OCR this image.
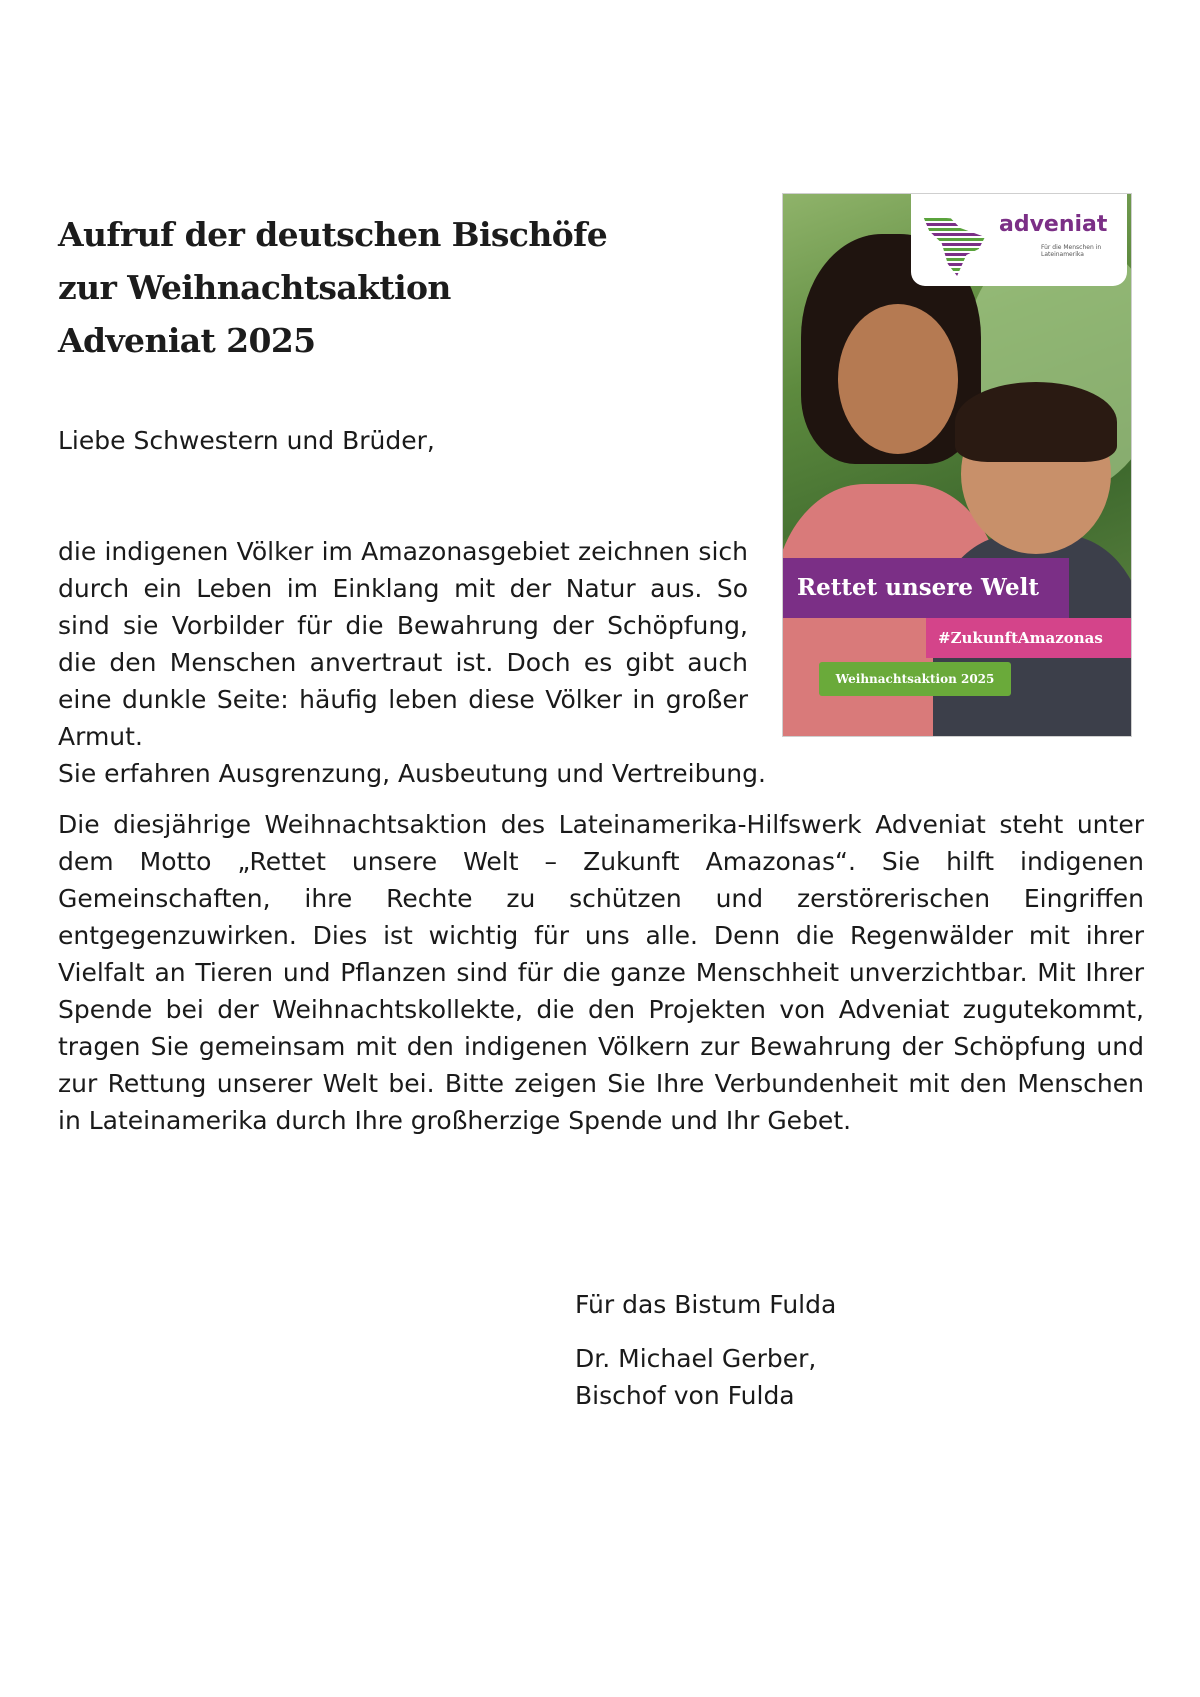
Aufruf der deutschen Bischöfe
zur Weihnachtsaktion
Adveniat 2025

Liebe Schwestern und Brüder,

die indigenen Völker im Amazonasgebiet zeichnen sich durch ein Leben im Einklang mit der Natur aus. So sind sie Vorbilder für die Bewahrung der Schöpfung, die den Menschen anvertraut ist. Doch es gibt auch eine dunkle Seite: häufig leben diese Völker in großer Armut.

Sie erfahren Ausgrenzung, Ausbeutung und Vertreibung.

Die diesjährige Weihnachtsaktion des Lateinamerika-Hilfswerk Adveniat steht unter dem Motto „Rettet unsere Welt – Zukunft Amazonas“. Sie hilft indigenen Gemeinschaften, ihre Rechte zu schützen und zerstörerischen Eingriffen entgegenzuwirken. Dies ist wichtig für uns alle. Denn die Regenwälder mit ihrer Vielfalt an Tieren und Pflanzen sind für die ganze Menschheit unverzichtbar. Mit Ihrer Spende bei der Weihnachtskollekte, die den Projekten von Adveniat zugutekommt, tragen Sie gemeinsam mit den indigenen Völkern zur Bewahrung der Schöpfung und zur Rettung unserer Welt bei. Bitte zeigen Sie Ihre Verbundenheit mit den Menschen in Lateinamerika durch Ihre großherzige Spende und Ihr Gebet.

Für das Bistum Fulda

Dr. Michael Gerber,

Bischof von Fulda

adveniat
Für die Menschen in Lateinamerika
Rettet unsere Welt
#ZukunftAmazonas
Weihnachtsaktion 2025
